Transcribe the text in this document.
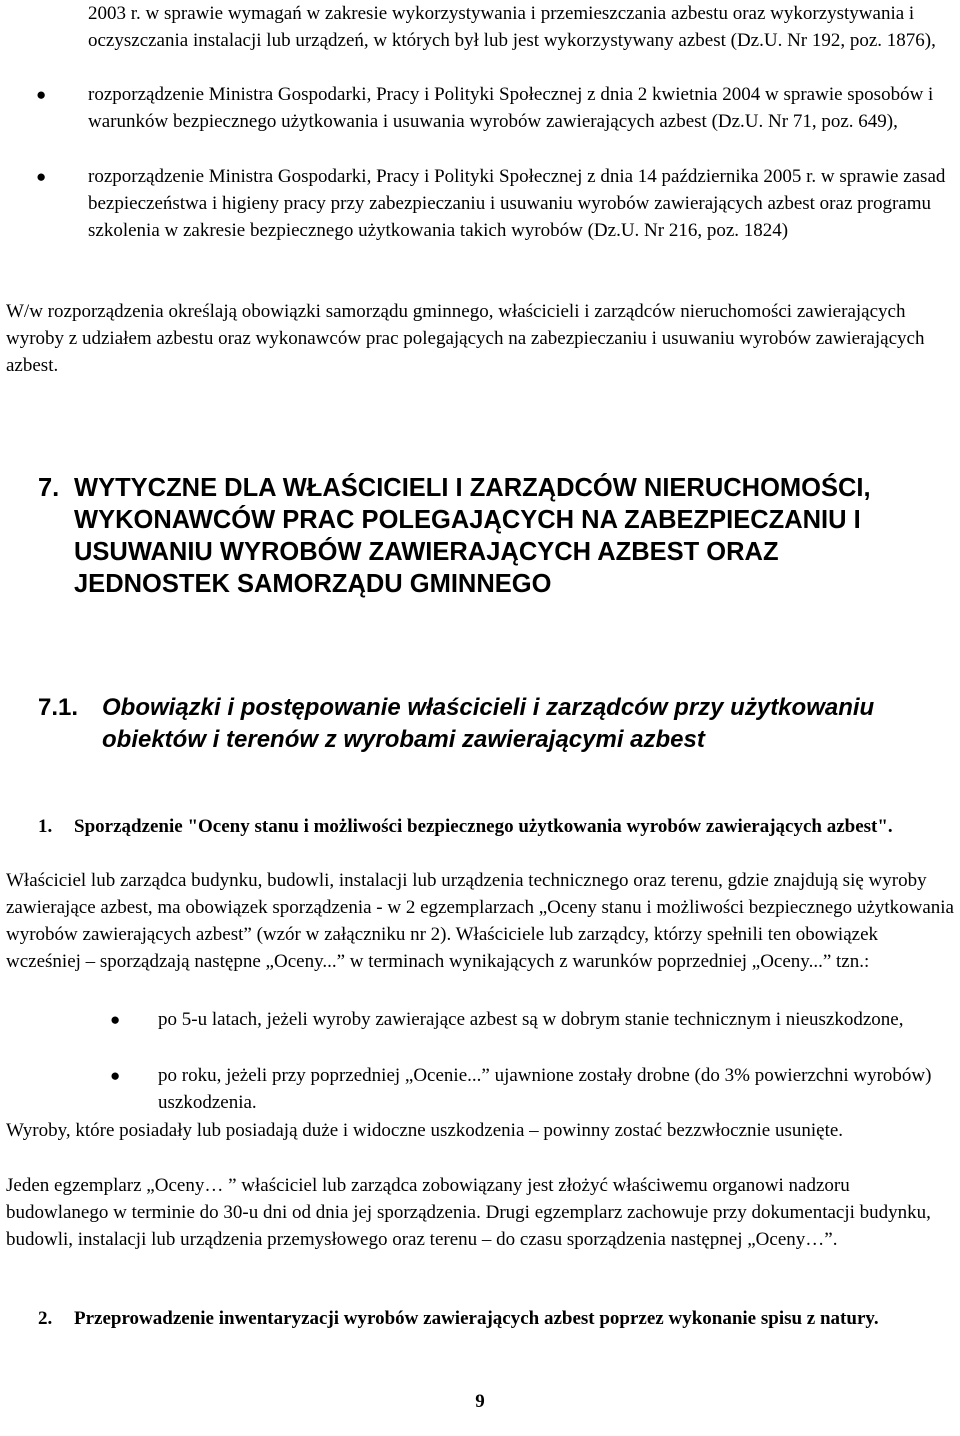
2003 r. w sprawie wymagań w zakresie wykorzystywania i przemieszczania azbestu oraz wykorzystywania i oczyszczania instalacji lub urządzeń, w których był lub jest wykorzystywany azbest (Dz.U. Nr 192, poz. 1876),

● rozporządzenie Ministra Gospodarki, Pracy i Polityki Społecznej z dnia 2 kwietnia 2004 w sprawie sposobów i warunków bezpiecznego użytkowania i usuwania wyrobów zawierających azbest (Dz.U. Nr 71, poz. 649),

● rozporządzenie Ministra Gospodarki, Pracy i Polityki Społecznej z dnia 14 października 2005 r. w sprawie zasad bezpieczeństwa i higieny pracy przy zabezpieczaniu i usuwaniu wyrobów zawierających azbest oraz programu szkolenia w zakresie bezpiecznego użytkowania takich wyrobów (Dz.U. Nr 216, poz. 1824)

W/w rozporządzenia określają obowiązki samorządu gminnego, właścicieli i zarządców nieruchomości zawierających wyroby z udziałem azbestu oraz wykonawców prac polegających na zabezpieczaniu i usuwaniu wyrobów zawierających azbest.

7. WYTYCZNE DLA WŁAŚCICIELI I ZARZĄDCÓW NIERUCHOMOŚCI, WYKONAWCÓW PRAC POLEGAJĄCYCH NA ZABEZPIECZANIU I USUWANIU WYROBÓW ZAWIERAJĄCYCH AZBEST ORAZ JEDNOSTEK SAMORZĄDU GMINNEGO
7.1. Obowiązki i postępowanie właścicieli i zarządców przy użytkowaniu obiektów i terenów z wyrobami zawierającymi azbest

1. Sporządzenie "Oceny stanu i możliwości bezpiecznego użytkowania wyrobów zawierających azbest".

Właściciel lub zarządca budynku, budowli, instalacji lub urządzenia technicznego oraz terenu, gdzie znajdują się wyroby zawierające azbest, ma obowiązek sporządzenia - w 2 egzemplarzach „Oceny stanu i możliwości bezpiecznego użytkowania wyrobów zawierających azbest” (wzór w załączniku nr 2). Właściciele lub zarządcy, którzy spełnili ten obowiązek wcześniej – sporządzają następne „Oceny...” w terminach wynikających z warunków poprzedniej „Oceny...” tzn.:

● po 5-u latach, jeżeli wyroby zawierające azbest są w dobrym stanie technicznym i nieuszkodzone,

● po roku, jeżeli przy poprzedniej „Ocenie...” ujawnione zostały drobne (do 3% powierzchni wyrobów) uszkodzenia.

Wyroby, które posiadały lub posiadają duże i widoczne uszkodzenia – powinny zostać bezzwłocznie usunięte.

Jeden egzemplarz „Oceny… ” właściciel lub zarządca zobowiązany jest złożyć właściwemu organowi nadzoru budowlanego w terminie do 30-u dni od dnia jej sporządzenia. Drugi egzemplarz zachowuje przy dokumentacji budynku, budowli, instalacji lub urządzenia przemysłowego oraz terenu – do czasu sporządzenia następnej „Oceny…”.

2. Przeprowadzenie inwentaryzacji wyrobów zawierających azbest poprzez wykonanie spisu z natury.

9
